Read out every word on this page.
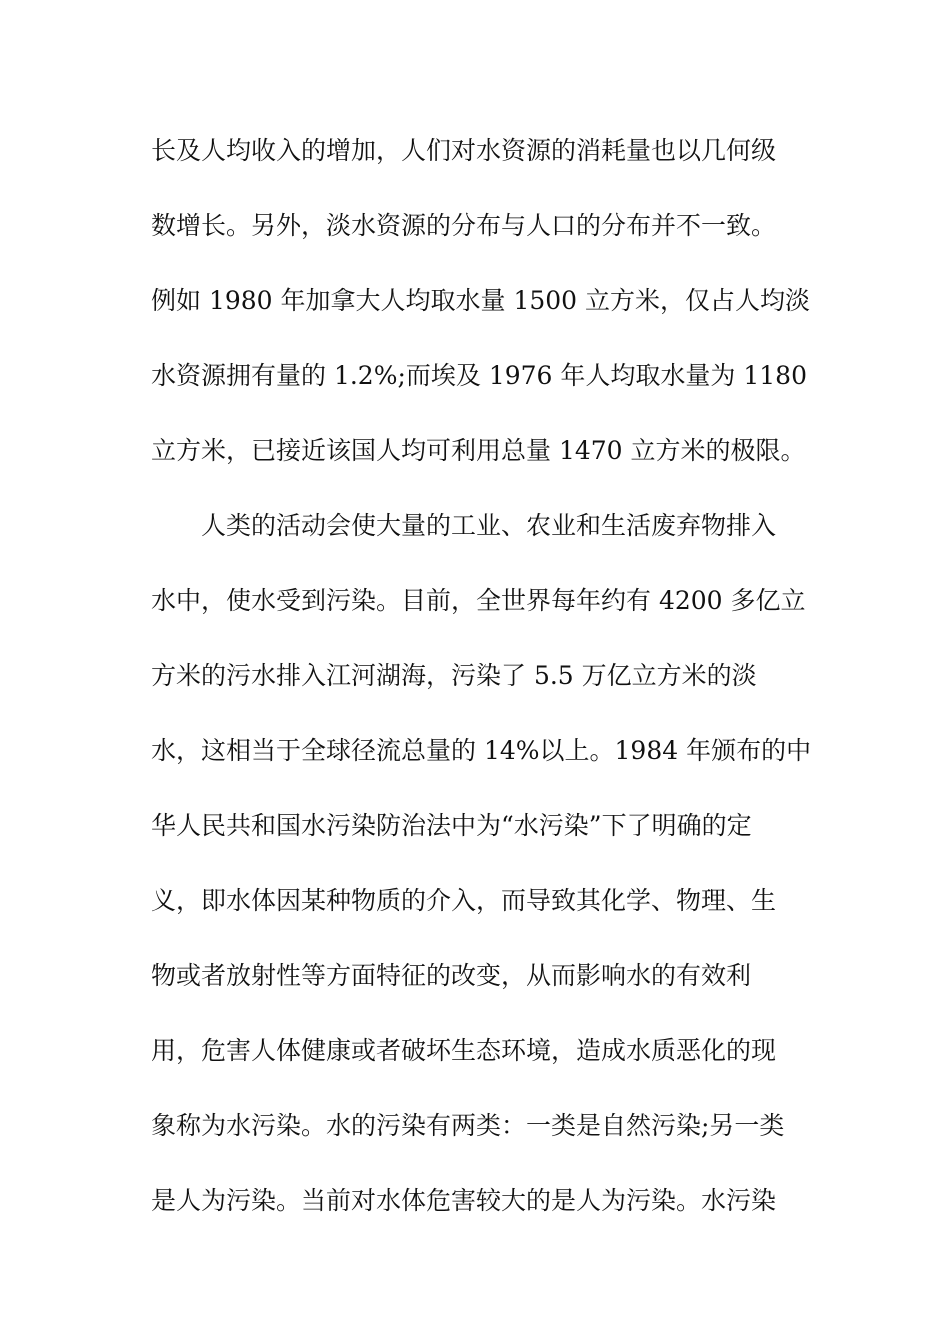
长及人均收入的增加，人们对水资源的消耗量也以几何级
数增长。另外，淡水资源的分布与人口的分布并不一致。
例如 1980 年加拿大人均取水量 1500 立方米，仅占人均淡
水资源拥有量的 1.2%;而埃及 1976 年人均取水量为 1180
立方米，已接近该国人均可利用总量 1470 立方米的极限。
人类的活动会使大量的工业、农业和生活废弃物排入
水中，使水受到污染。目前，全世界每年约有 4200 多亿立
方米的污水排入江河湖海，污染了 5.5 万亿立方米的淡
水，这相当于全球径流总量的 14%以上。1984 年颁布的中
华人民共和国水污染防治法中为“水污染”下了明确的定
义，即水体因某种物质的介入，而导致其化学、物理、生
物或者放射性等方面特征的改变，从而影响水的有效利
用，危害人体健康或者破坏生态环境，造成水质恶化的现
象称为水污染。水的污染有两类：一类是自然污染;另一类
是人为污染。当前对水体危害较大的是人为污染。水污染
